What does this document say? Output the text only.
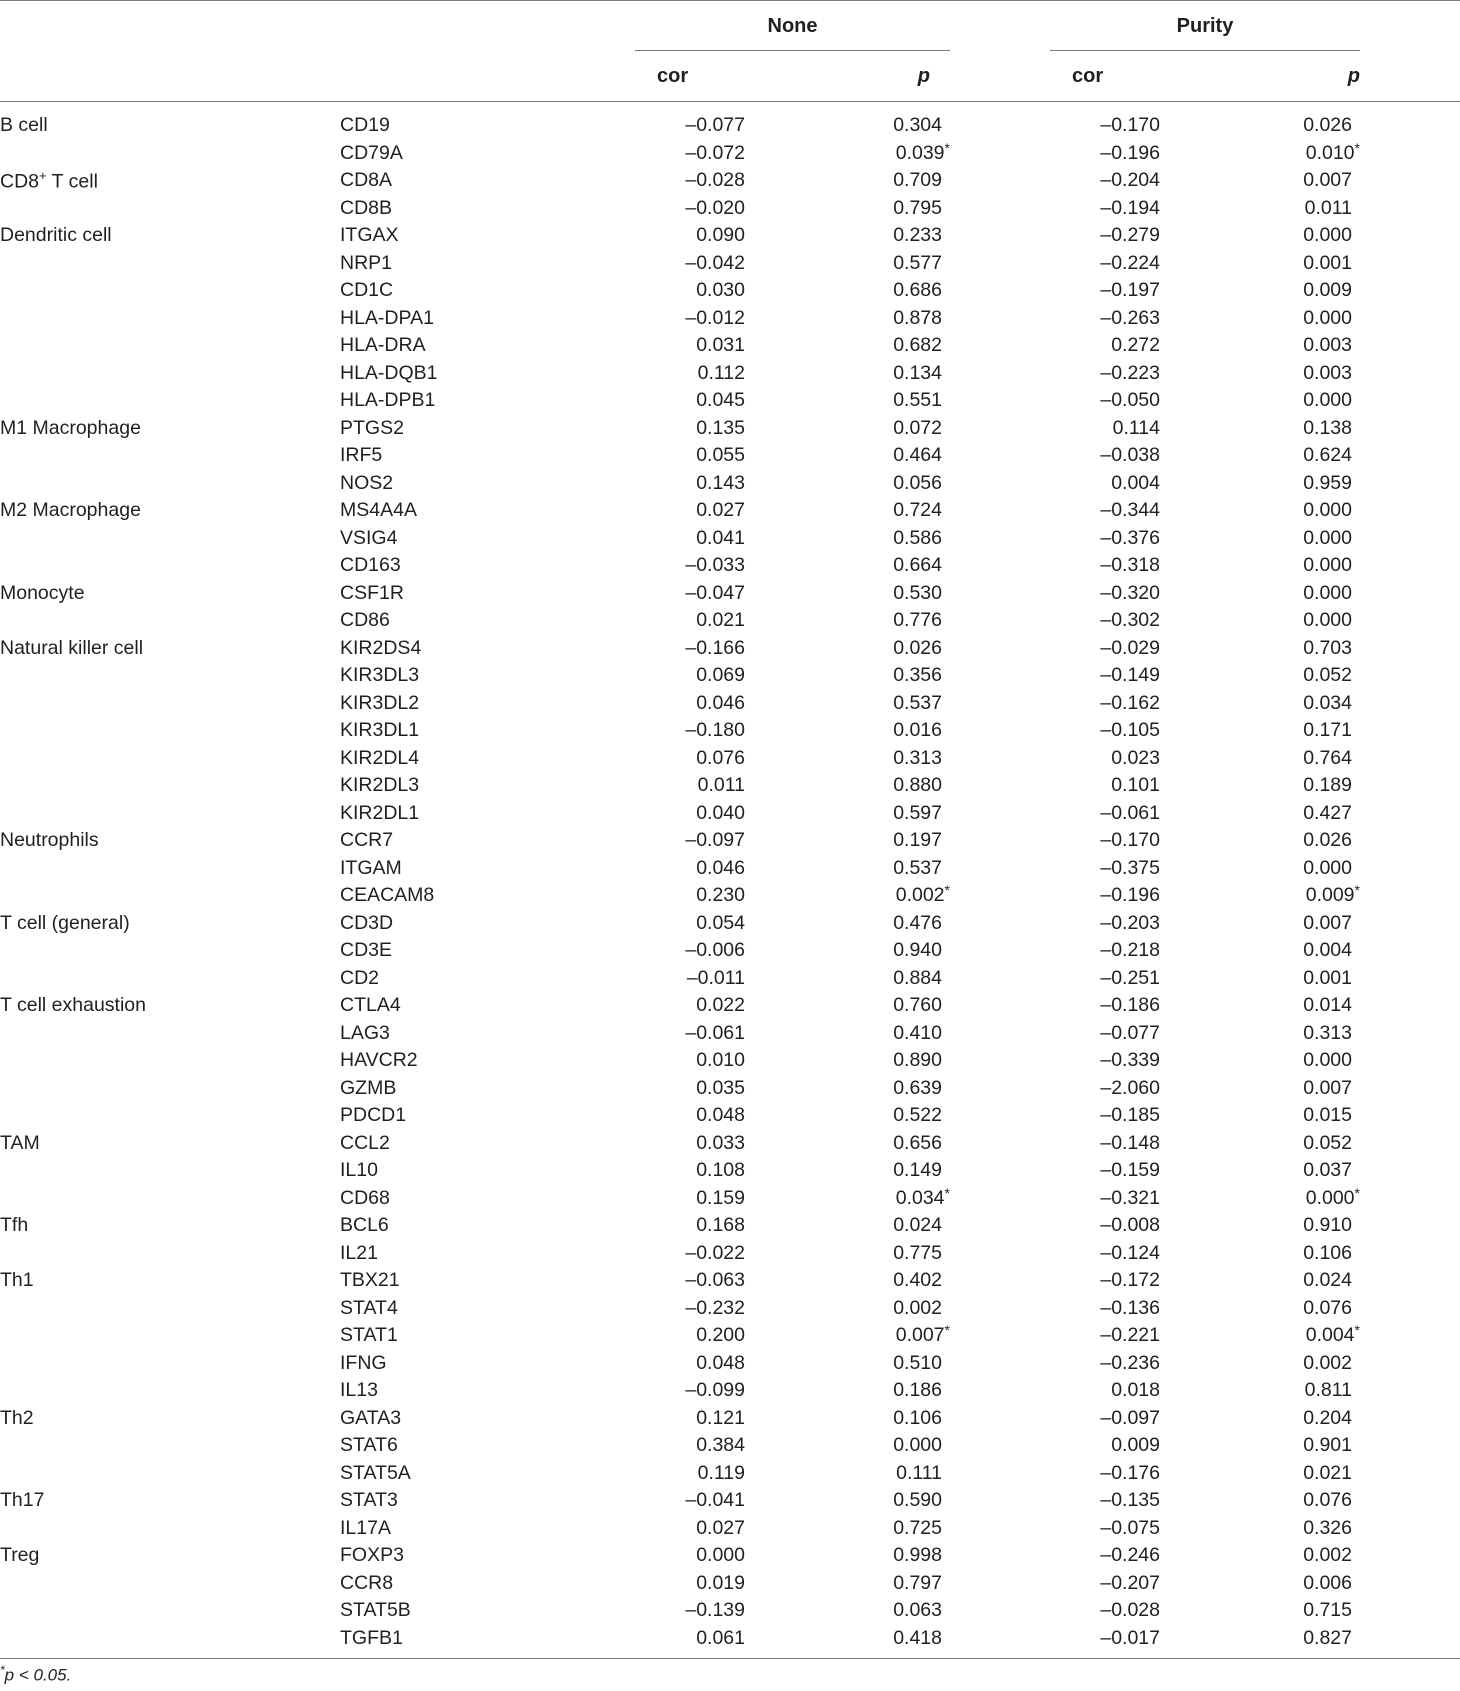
		None			Purity	

		cor	p		cor	p	
B cell	CD19	–0.077	0.304		–0.170	0.026	
	CD79A	–0.072	0.039*		–0.196	0.010*	
CD8+ T cell	CD8A	–0.028	0.709		–0.204	0.007	
	CD8B	–0.020	0.795		–0.194	0.011	
Dendritic cell	ITGAX	0.090	0.233		–0.279	0.000	
	NRP1	–0.042	0.577		–0.224	0.001	
	CD1C	0.030	0.686		–0.197	0.009	
	HLA-DPA1	–0.012	0.878		–0.263	0.000	
	HLA-DRA	0.031	0.682		0.272	0.003	
	HLA-DQB1	0.112	0.134		–0.223	0.003	
	HLA-DPB1	0.045	0.551		–0.050	0.000	
M1 Macrophage	PTGS2	0.135	0.072		0.114	0.138	
	IRF5	0.055	0.464		–0.038	0.624	
	NOS2	0.143	0.056		0.004	0.959	
M2 Macrophage	MS4A4A	0.027	0.724		–0.344	0.000	
	VSIG4	0.041	0.586		–0.376	0.000	
	CD163	–0.033	0.664		–0.318	0.000	
Monocyte	CSF1R	–0.047	0.530		–0.320	0.000	
	CD86	0.021	0.776		–0.302	0.000	
Natural killer cell	KIR2DS4	–0.166	0.026		–0.029	0.703	
	KIR3DL3	0.069	0.356		–0.149	0.052	
	KIR3DL2	0.046	0.537		–0.162	0.034	
	KIR3DL1	–0.180	0.016		–0.105	0.171	
	KIR2DL4	0.076	0.313		0.023	0.764	
	KIR2DL3	0.011	0.880		0.101	0.189	
	KIR2DL1	0.040	0.597		–0.061	0.427	
Neutrophils	CCR7	–0.097	0.197		–0.170	0.026	
	ITGAM	0.046	0.537		–0.375	0.000	
	CEACAM8	0.230	0.002*		–0.196	0.009*	
T cell (general)	CD3D	0.054	0.476		–0.203	0.007	
	CD3E	–0.006	0.940		–0.218	0.004	
	CD2	–0.011	0.884		–0.251	0.001	
T cell exhaustion	CTLA4	0.022	0.760		–0.186	0.014	
	LAG3	–0.061	0.410		–0.077	0.313	
	HAVCR2	0.010	0.890		–0.339	0.000	
	GZMB	0.035	0.639		–2.060	0.007	
	PDCD1	0.048	0.522		–0.185	0.015	
TAM	CCL2	0.033	0.656		–0.148	0.052	
	IL10	0.108	0.149		–0.159	0.037	
	CD68	0.159	0.034*		–0.321	0.000*	
Tfh	BCL6	0.168	0.024		–0.008	0.910	
	IL21	–0.022	0.775		–0.124	0.106	
Th1	TBX21	–0.063	0.402		–0.172	0.024	
	STAT4	–0.232	0.002		–0.136	0.076	
	STAT1	0.200	0.007*		–0.221	0.004*	
	IFNG	0.048	0.510		–0.236	0.002	
	IL13	–0.099	0.186		0.018	0.811	
Th2	GATA3	0.121	0.106		–0.097	0.204	
	STAT6	0.384	0.000		0.009	0.901	
	STAT5A	0.119	0.111		–0.176	0.021	
Th17	STAT3	–0.041	0.590		–0.135	0.076	
	IL17A	0.027	0.725		–0.075	0.326	
Treg	FOXP3	0.000	0.998		–0.246	0.002	
	CCR8	0.019	0.797		–0.207	0.006	
	STAT5B	–0.139	0.063		–0.028	0.715	
	TGFB1	0.061	0.418		–0.017	0.827	
*p < 0.05.
